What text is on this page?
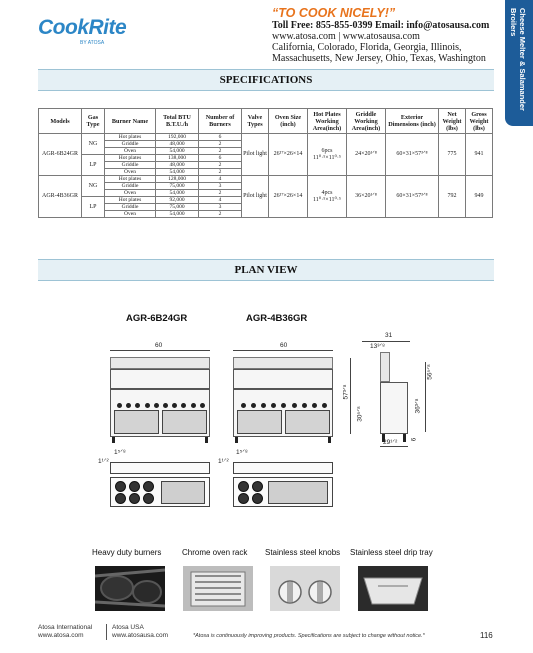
CookRite
BY ATOSA
“TO COOK NICELY!”
Toll Free: 855-855-0399 Email: info@atosausa.com
www.atosa.com | www.atosausa.com
California, Colorado, Florida, Georgia, Illinois,
Massachusetts, New Jersey, Ohio, Texas, Washington	Cheese Melter & Salamander Broilers
SPECIFICATIONS
Models	Gas Type	Burner Name	Total BTU B.T.U./h	Number of Burners	Valve Types	Oven Size (inch)	Hot Plates Working Area(inch)	Griddle Working Area(inch)	Exterior Dimensions (inch)	Net Weight (lbs)	Gross Weight (lbs)
AGR-6B24GR	NG	Hot plates	192,000	6	Pilot light	26¹⁷×26×14	6pcs 11⁰·⁵×11⁰·⁵	24×20¹ᐟ⁸	60×31×57³ᐟ⁸	775	941
		Griddle	48,000	2							
		Oven	54,000	2							
	LP	Hot plates	138,000	6							
		Griddle	48,000	2							
		Oven	54,000	2							
AGR-4B36GR	NG	Hot plates	128,000	4	Pilot light	26¹⁷×26×14	4pcs 11⁰·⁵×11⁰·⁵	36×20¹ᐟ⁸	60×31×57³ᐟ⁸	792	949
		Griddle	75,000	3							
		Oven	54,000	2							
	LP	Hot plates	92,000	4							
		Griddle	75,000	3							
		Oven	54,000	2							
PLAN VIEW
AGR-6B24GR	AGR-4B36GR
60	60
31
13³ᐟ⁸
57³ᐟ⁸
30⁵ᐟ⁸
56⁵ᐟ⁸
36³ᐟ⁸
29¹ᐟ² 6
1¹ᐟ²
1⁵ᐟ⁸
1¹ᐟ²
1⁵ᐟ⁸
Heavy duty burners	Chrome oven rack Stainless steel knobs Stainless steel drip tray
Atosa International
www.atosa.com
Atosa USA
www.atosausa.com	*Atosa is continuously improving products. Specifications are subject to change without notice.*	116
